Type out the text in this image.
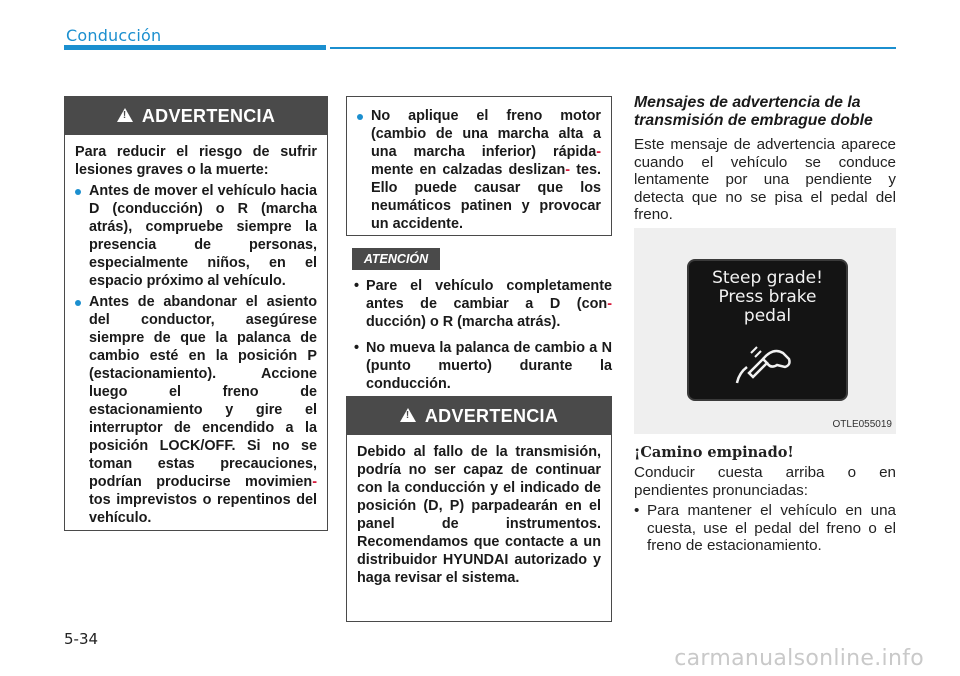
Conducción
!
ADVERTENCIA

Para reducir el riesgo de sufrir lesiones graves o la muerte:

Antes de mover el vehículo hacia D (conducción) o R (marcha atrás), compruebe siempre la presencia de personas, especialmente niños, en el espacio próximo al vehículo.
Antes de abandonar el asiento del conductor, asegúrese siempre de que la palanca de cambio esté en la posición P (estacionamiento). Accione luego el freno de estacionamiento y gire el interruptor de encendido a la posición LOCK/OFF. Si no se toman estas precauciones, podrían producirse movimien- tos imprevistos o repentinos del vehículo.
No aplique el freno motor (cambio de una marcha alta a una marcha inferior) rápida- mente en calzadas deslizan- tes. Ello puede causar que los neumáticos patinen y provocar un accidente.
ATENCIÓN
• Pare el vehículo completamente antes de cambiar a D (con- ducción) o R (marcha atrás).
• No mueva la palanca de cambio a N (punto muerto) durante la conducción.
!
ADVERTENCIA

Debido al fallo de la transmisión, podría no ser capaz de continuar con la conducción y el indicado de posición (D, P) parpadearán en el panel de instrumentos. Recomendamos que contacte a un distribuidor HYUNDAI autorizado y haga revisar el sistema.

Mensajes de advertencia de la
transmisión de embrague doble
Este mensaje de advertencia aparece cuando el vehículo se conduce lentamente por una pendiente y detecta que no se pisa el pedal del freno.
Steep grade!
Press brake
pedal
OTLE055019
¡Camino empinado!
Conducir cuesta arriba o en pendientes pronunciadas:
• Para mantener el vehículo en una cuesta, use el pedal del freno o el freno de estacionamiento.
5-34
carmanualsonline.info
